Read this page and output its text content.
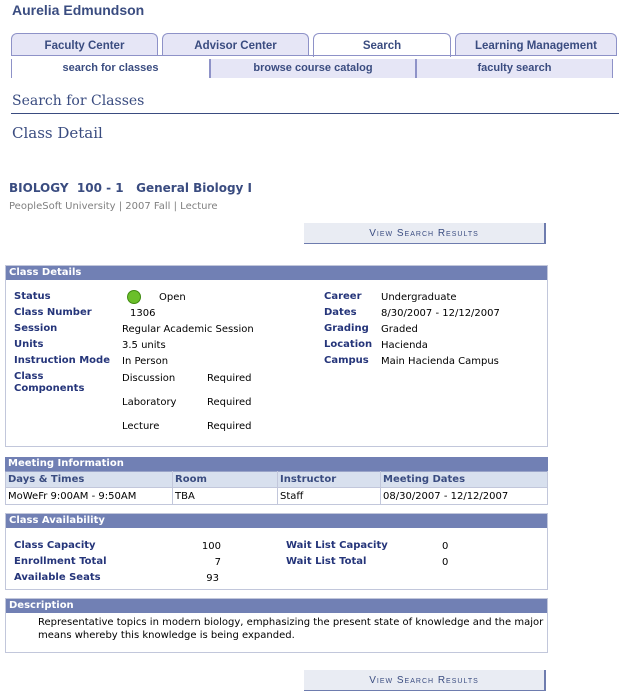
Aurelia Edmundson
Faculty Center	Advisor Center	Search	Learning Management
search for classes	browse course catalog	faculty search
Search for Classes
Class Detail
BIOLOGY  100 - 1   General Biology I
PeopleSoft University | 2007 Fall | Lecture
View Search Results
Class Details
Status	Open
Class Number	1306
Session	Regular Academic Session
Units	3.5 units
Instruction Mode In Person
Class Components
Discussion	Required
Laboratory	Required
Lecture	Required
Career Undergraduate
Dates 8/30/2007 - 12/12/2007
Grading Graded
Location Hacienda
Campus Main Hacienda Campus
Meeting Information
Days & Times	Room	Instructor	Meeting Dates
MoWeFr 9:00AM - 9:50AM	TBA	Staff	08/30/2007 - 12/12/2007
Class Availability
Class Capacity	100
Enrollment Total	7
Available Seats	93
Wait List Capacity	0
Wait List Total	0
Description
Representative topics in modern biology, emphasizing the present state of knowledge and the major means whereby this knowledge is being expanded.
View Search Results
